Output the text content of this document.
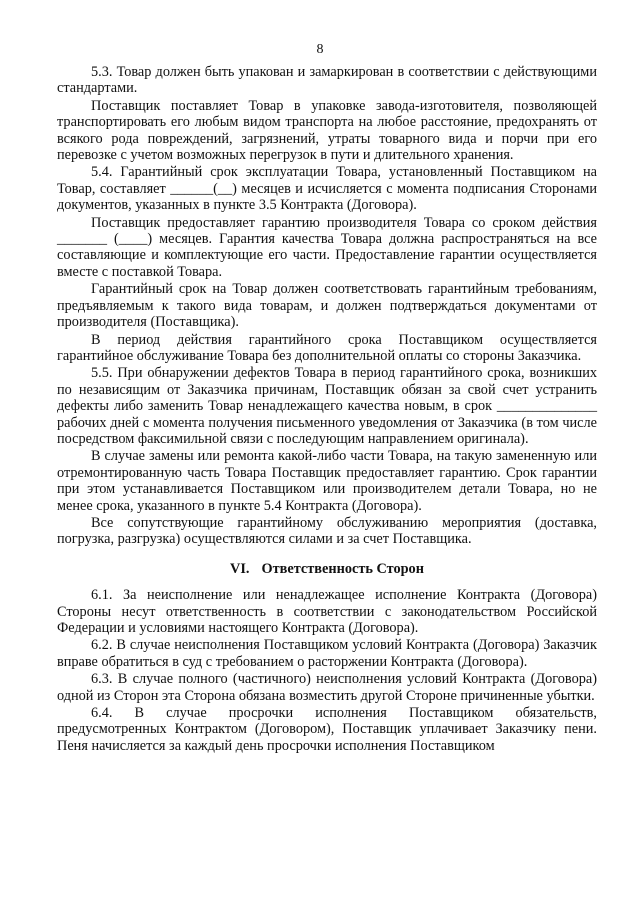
8

5.3. Товар должен быть упакован и замаркирован в соответствии с действующими стандартами.

Поставщик поставляет Товар в упаковке завода-изготовителя, позволяющей транспортировать его любым видом транспорта на любое расстояние, предохранять от всякого рода повреждений, загрязнений, утраты товарного вида и порчи при его перевозке с учетом возможных перегрузок в пути и длительного хранения.

5.4. Гарантийный срок эксплуатации Товара, установленный Поставщиком на Товар, составляет ______(__) месяцев и исчисляется с момента подписания Сторонами документов, указанных в пункте 3.5 Контракта (Договора).

Поставщик предоставляет гарантию производителя Товара со сроком действия _______ (____) месяцев. Гарантия качества Товара должна распространяться на все составляющие и комплектующие его части. Предоставление гарантии осуществляется вместе с поставкой Товара.

Гарантийный срок на Товар должен соответствовать гарантийным требованиям, предъявляемым к такого вида товарам, и должен подтверждаться документами от производителя (Поставщика).

В период действия гарантийного срока Поставщиком осуществляется гарантийное обслуживание Товара без дополнительной оплаты со стороны Заказчика.

5.5. При обнаружении дефектов Товара в период гарантийного срока, возникших по независящим от Заказчика причинам, Поставщик обязан за свой счет устранить дефекты либо заменить Товар ненадлежащего качества новым, в срок ______________ рабочих дней с момента получения письменного уведомления от Заказчика (в том числе посредством факсимильной связи с последующим направлением оригинала).

В случае замены или ремонта какой-либо части Товара, на такую замененную или отремонтированную часть Товара Поставщик предоставляет гарантию. Срок гарантии при этом устанавливается Поставщиком или производителем детали Товара, но не менее срока, указанного в пункте 5.4 Контракта (Договора).

Все сопутствующие гарантийному обслуживанию мероприятия (доставка, погрузка, разгрузка) осуществляются силами и за счет Поставщика.

VI. Ответственность Сторон

6.1. За неисполнение или ненадлежащее исполнение Контракта (Договора) Стороны несут ответственность в соответствии с законодательством Российской Федерации и условиями настоящего Контракта (Договора).

6.2. В случае неисполнения Поставщиком условий Контракта (Договора) Заказчик вправе обратиться в суд с требованием о расторжении Контракта (Договора).

6.3. В случае полного (частичного) неисполнения условий Контракта (Договора) одной из Сторон эта Сторона обязана возместить другой Стороне причиненные убытки.

6.4. В случае просрочки исполнения Поставщиком обязательств, предусмотренных Контрактом (Договором), Поставщик уплачивает Заказчику пени. Пеня начисляется за каждый день просрочки исполнения Поставщиком
